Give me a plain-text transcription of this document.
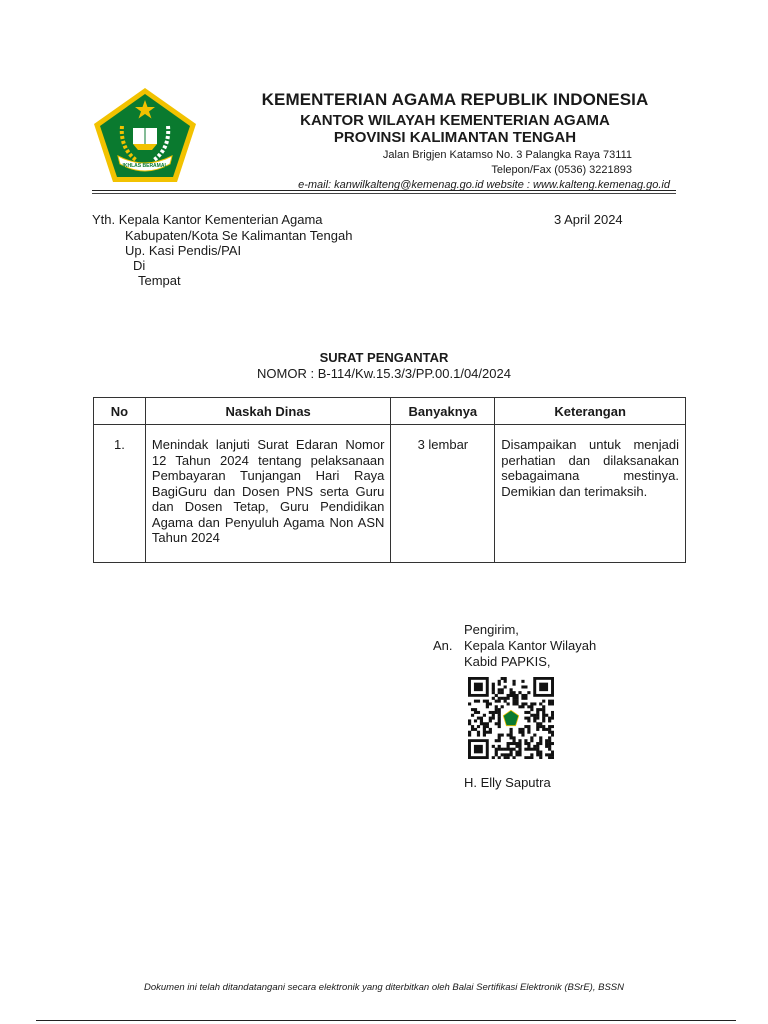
IKHLAS BERAMAL
KEMENTERIAN AGAMA REPUBLIK INDONESIA
KANTOR WILAYAH KEMENTERIAN AGAMA
PROVINSI KALIMANTAN TENGAH
Jalan Brigjen Katamso No. 3 Palangka Raya 73111
Telepon/Fax (0536) 3221893
e-mail: kanwilkalteng@kemenag.go.id website : www.kalteng.kemenag.go.id
Yth. Kepala Kantor Kementerian Agama
Kabupaten/Kota Se Kalimantan Tengah
Up. Kasi Pendis/PAI
Di
Tempat
3 April 2024
SURAT PENGANTAR
NOMOR : B-114/Kw.15.3/3/PP.00.1/04/2024
No	Naskah Dinas	Banyaknya	Keterangan
1.	Menindak lanjuti Surat Edaran Nomor 12 Tahun 2024 tentang pelaksanaan Pembayaran Tunjangan Hari Raya BagiGuru dan Dosen PNS serta Guru dan Dosen Tetap, Guru Pendidikan Agama dan Penyuluh Agama Non ASN Tahun 2024	3 lembar	Disampaikan untuk menjadi perhatian dan dilaksanakan sebagaimana mestinya. Demikian dan terimaksih.
Pengirim,
An. Kepala Kantor Wilayah
Kabid PAPKIS,
H. Elly Saputra
Dokumen ini telah ditandatangani secara elektronik yang diterbitkan oleh Balai Sertifikasi Elektronik (BSrE), BSSN
